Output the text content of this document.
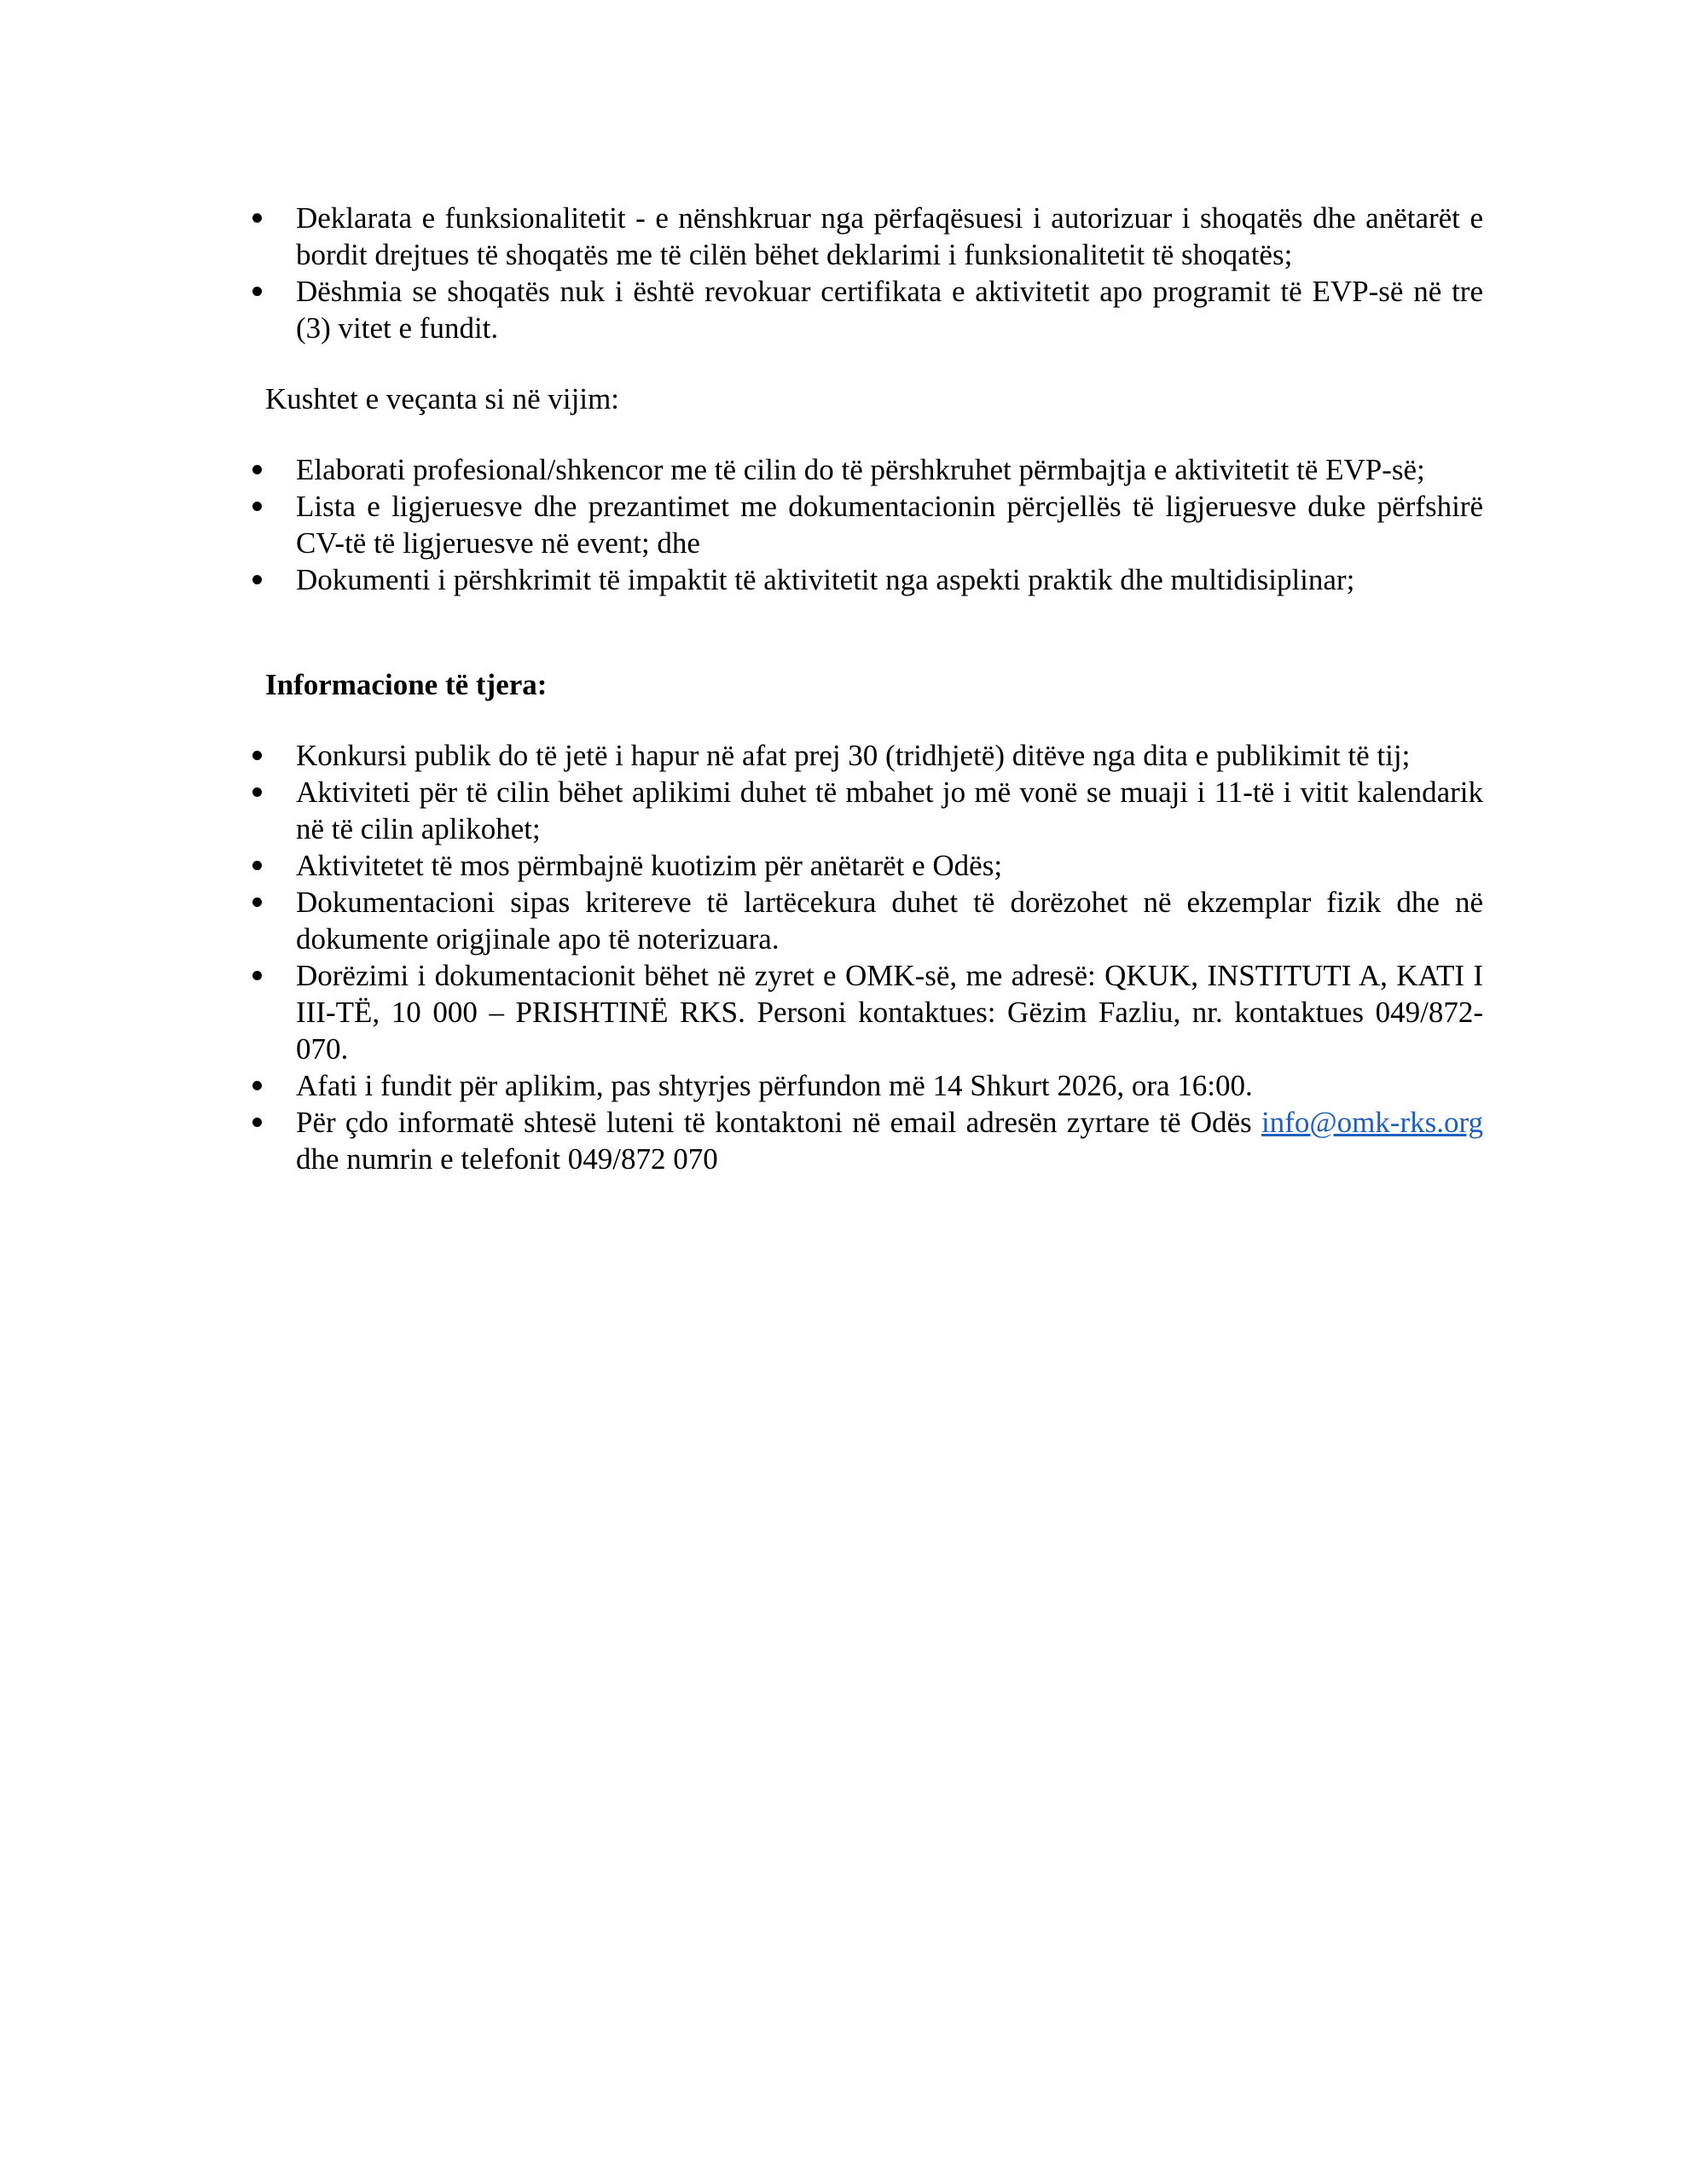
Deklarata e funksionalitetit - e nënshkruar nga përfaqësuesi i autorizuar i shoqatës dhe anëtarët e bordit drejtues të shoqatës me të cilën bëhet deklarimi i funksionalitetit të shoqatës;
Dëshmia se shoqatës nuk i është revokuar certifikata e aktivitetit apo programit të EVP-së në tre (3) vitet e fundit.

Kushtet e veçanta si në vijim:

Elaborati profesional/shkencor me të cilin do të përshkruhet përmbajtja e aktivitetit të EVP-së;
Lista e ligjeruesve dhe prezantimet me dokumentacionin përcjellës të ligjeruesve duke përfshirë CV-të të ligjeruesve në event; dhe
Dokumenti i përshkrimit të impaktit të aktivitetit nga aspekti praktik dhe multidisiplinar;

Informacione të tjera:

Konkursi publik do të jetë i hapur në afat prej 30 (tridhjetë) ditëve nga dita e publikimit të tij;
Aktiviteti për të cilin bëhet aplikimi duhet të mbahet jo më vonë se muaji i 11-të i vitit kalendarik në të cilin aplikohet;
Aktivitetet të mos përmbajnë kuotizim për anëtarët e Odës;
Dokumentacioni sipas kritereve të lartëcekura duhet të dorëzohet në ekzemplar fizik dhe në dokumente origjinale apo të noterizuara.
Dorëzimi i dokumentacionit bëhet në zyret e OMK-së, me adresë: QKUK, INSTITUTI A, KATI I III-TË, 10 000 – PRISHTINË RKS. Personi kontaktues: Gëzim Fazliu, nr. kontaktues 049/872-070.
Afati i fundit për aplikim, pas shtyrjes përfundon më 14 Shkurt 2026, ora 16:00.
Për çdo informatë shtesë luteni të kontaktoni në email adresën zyrtare të Odës info@omk-rks.org dhe numrin e telefonit 049/872 070
